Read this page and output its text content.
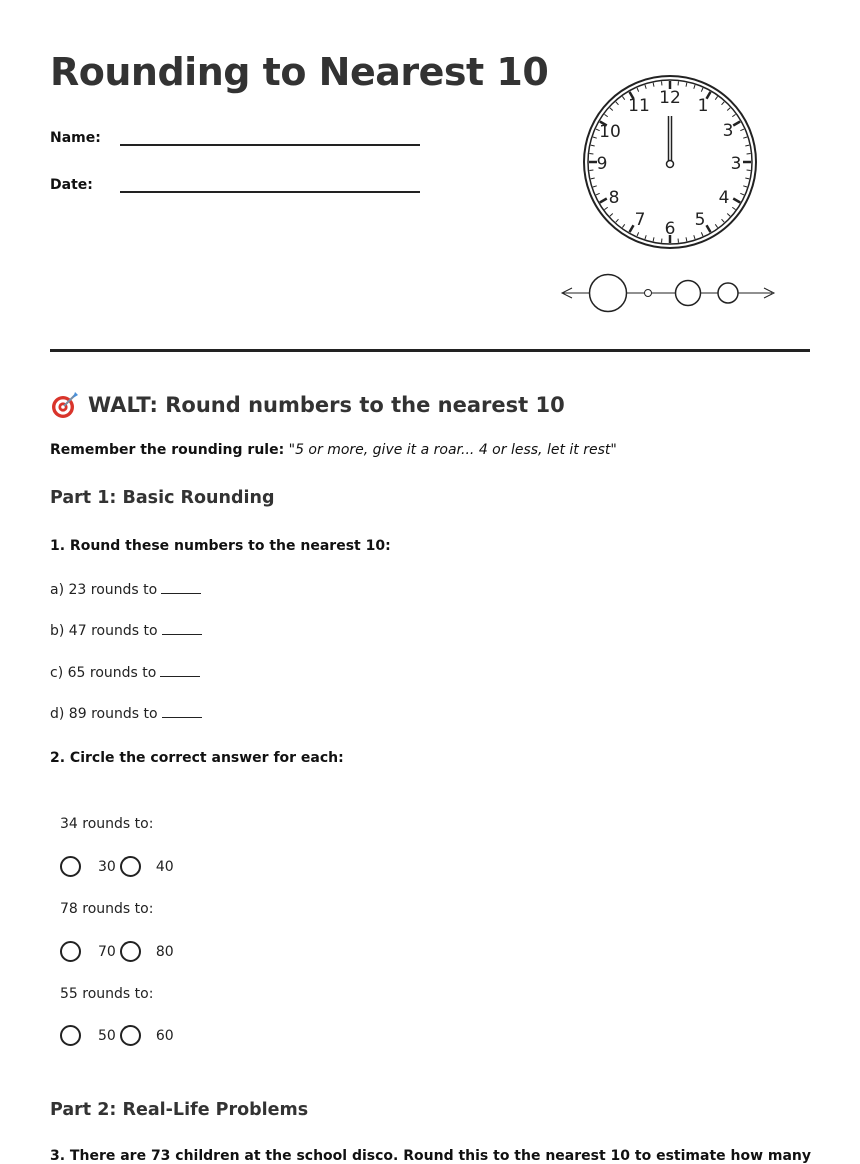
Rounding to Nearest 10
Name:
Date:
12 1
3
3
4
5
6
7
8
9
10
11
WALT: Round numbers to the nearest 10
Remember the rounding rule: "5 or more, give it a roar... 4 or less, let it rest"
Part 1: Basic Rounding
1. Round these numbers to the nearest 10:
a) 23 rounds to
b) 47 rounds to
c) 65 rounds to
d) 89 rounds to
2. Circle the correct answer for each:
34 rounds to:
30	40
78 rounds to:
70	80
55 rounds to:
50	60
Part 2: Real-Life Problems
3. There are 73 children at the school disco. Round this to the nearest 10 to estimate how many
